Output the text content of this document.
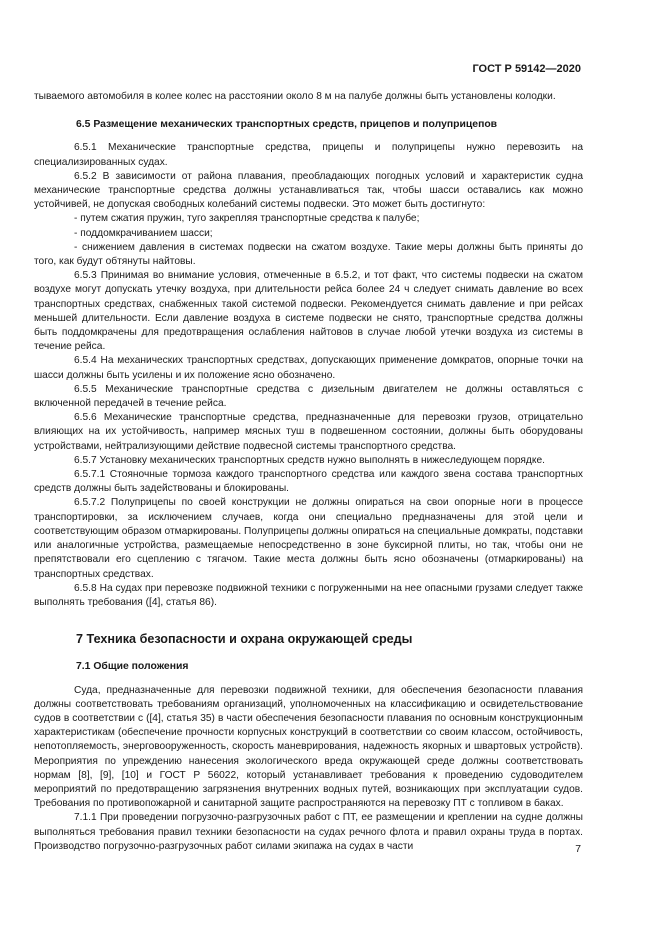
ГОСТ Р 59142—2020

тываемого автомобиля в колее колес на расстоянии около 8 м на палубе должны быть установлены колодки.

6.5 Размещение механических транспортных средств, прицепов и полуприцепов

6.5.1 Механические транспортные средства, прицепы и полуприцепы нужно перевозить на специализированных судах.

6.5.2 В зависимости от района плавания, преобладающих погодных условий и характеристик судна механические транспортные средства должны устанавливаться так, чтобы шасси оставались как можно устойчивей, не допуская свободных колебаний системы подвески. Это может быть достигнуто:

- путем сжатия пружин, туго закрепляя транспортные средства к палубе;

- поддомкрачиванием шасси;

- снижением давления в системах подвески на сжатом воздухе. Такие меры должны быть приняты до того, как будут обтянуты найтовы.

6.5.3 Принимая во внимание условия, отмеченные в 6.5.2, и тот факт, что системы подвески на сжатом воздухе могут допускать утечку воздуха, при длительности рейса более 24 ч следует снимать давление во всех транспортных средствах, снабженных такой системой подвески. Рекомендуется снимать давление и при рейсах меньшей длительности. Если давление воздуха в системе подвески не снято, транспортные средства должны быть поддомкрачены для предотвращения ослабления найтовов в случае любой утечки воздуха из системы в течение рейса.

6.5.4 На механических транспортных средствах, допускающих применение домкратов, опорные точки на шасси должны быть усилены и их положение ясно обозначено.

6.5.5 Механические транспортные средства с дизельным двигателем не должны оставляться с включенной передачей в течение рейса.

6.5.6 Механические транспортные средства, предназначенные для перевозки грузов, отрицательно влияющих на их устойчивость, например мясных туш в подвешенном состоянии, должны быть оборудованы устройствами, нейтрализующими действие подвесной системы транспортного средства.

6.5.7 Установку механических транспортных средств нужно выполнять в нижеследующем порядке.

6.5.7.1 Стояночные тормоза каждого транспортного средства или каждого звена состава транспортных средств должны быть задействованы и блокированы.

6.5.7.2 Полуприцепы по своей конструкции не должны опираться на свои опорные ноги в процессе транспортировки, за исключением случаев, когда они специально предназначены для этой цели и соответствующим образом отмаркированы. Полуприцепы должны опираться на специальные домкраты, подставки или аналогичные устройства, размещаемые непосредственно в зоне буксирной плиты, но так, чтобы они не препятствовали его сцеплению с тягачом. Такие места должны быть ясно обозначены (отмаркированы) на транспортных средствах.

6.5.8 На судах при перевозке подвижной техники с погруженными на нее опасными грузами следует также выполнять требования ([4], статья 86).

7 Техника безопасности и охрана окружающей среды

7.1 Общие положения

Суда, предназначенные для перевозки подвижной техники, для обеспечения безопасности плавания должны соответствовать требованиям организаций, уполномоченных на классификацию и освидетельствование судов в соответствии с ([4], статья 35) в части обеспечения безопасности плавания по основным конструкционным характеристикам (обеспечение прочности корпусных конструкций в соответствии со своим классом, остойчивость, непотопляемость, энерговооруженность, скорость маневрирования, надежность якорных и швартовых устройств). Мероприятия по упреждению нанесения экологического вреда окружающей среде должны соответствовать нормам [8], [9], [10] и ГОСТ Р 56022, который устанавливает требования к проведению судоводителем мероприятий по предотвращению загрязнения внутренних водных путей, возникающих при эксплуатации судов. Требования по противопожарной и санитарной защите распространяются на перевозку ПТ с топливом в баках.

7.1.1 При проведении погрузочно-разгрузочных работ с ПТ, ее размещении и креплении на судне должны выполняться требования правил техники безопасности на судах речного флота и правил охраны труда в портах. Производство погрузочно-разгрузочных работ силами экипажа на судах в части	7
